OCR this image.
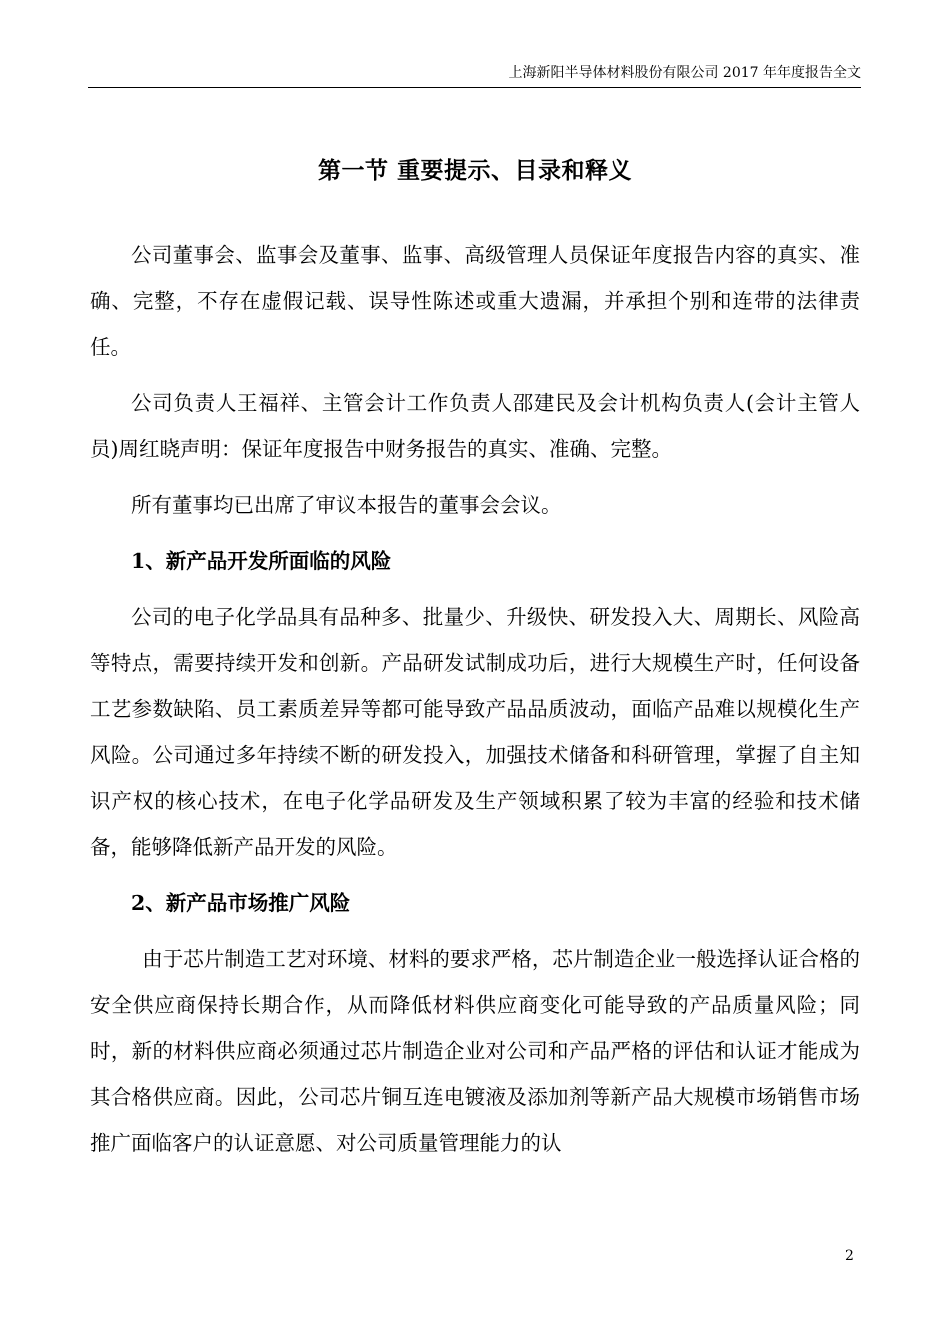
上海新阳半导体材料股份有限公司 2017 年年度报告全文
第一节 重要提示、目录和释义

公司董事会、监事会及董事、监事、高级管理人员保证年度报告内容的真实、准确、完整，不存在虚假记载、误导性陈述或重大遗漏，并承担个别和连带的法律责任。

公司负责人王福祥、主管会计工作负责人邵建民及会计机构负责人(会计主管人员)周红晓声明：保证年度报告中财务报告的真实、准确、完整。

所有董事均已出席了审议本报告的董事会会议。

1、新产品开发所面临的风险

公司的电子化学品具有品种多、批量少、升级快、研发投入大、周期长、风险高等特点，需要持续开发和创新。产品研发试制成功后，进行大规模生产时，任何设备工艺参数缺陷、员工素质差异等都可能导致产品品质波动，面临产品难以规模化生产风险。公司通过多年持续不断的研发投入，加强技术储备和科研管理，掌握了自主知识产权的核心技术，在电子化学品研发及生产领域积累了较为丰富的经验和技术储备，能够降低新产品开发的风险。

2、新产品市场推广风险

由于芯片制造工艺对环境、材料的要求严格，芯片制造企业一般选择认证合格的安全供应商保持长期合作，从而降低材料供应商变化可能导致的产品质量风险；同时，新的材料供应商必须通过芯片制造企业对公司和产品严格的评估和认证才能成为其合格供应商。因此，公司芯片铜互连电镀液及添加剂等新产品大规模市场销售市场推广面临客户的认证意愿、对公司质量管理能力的认

2
